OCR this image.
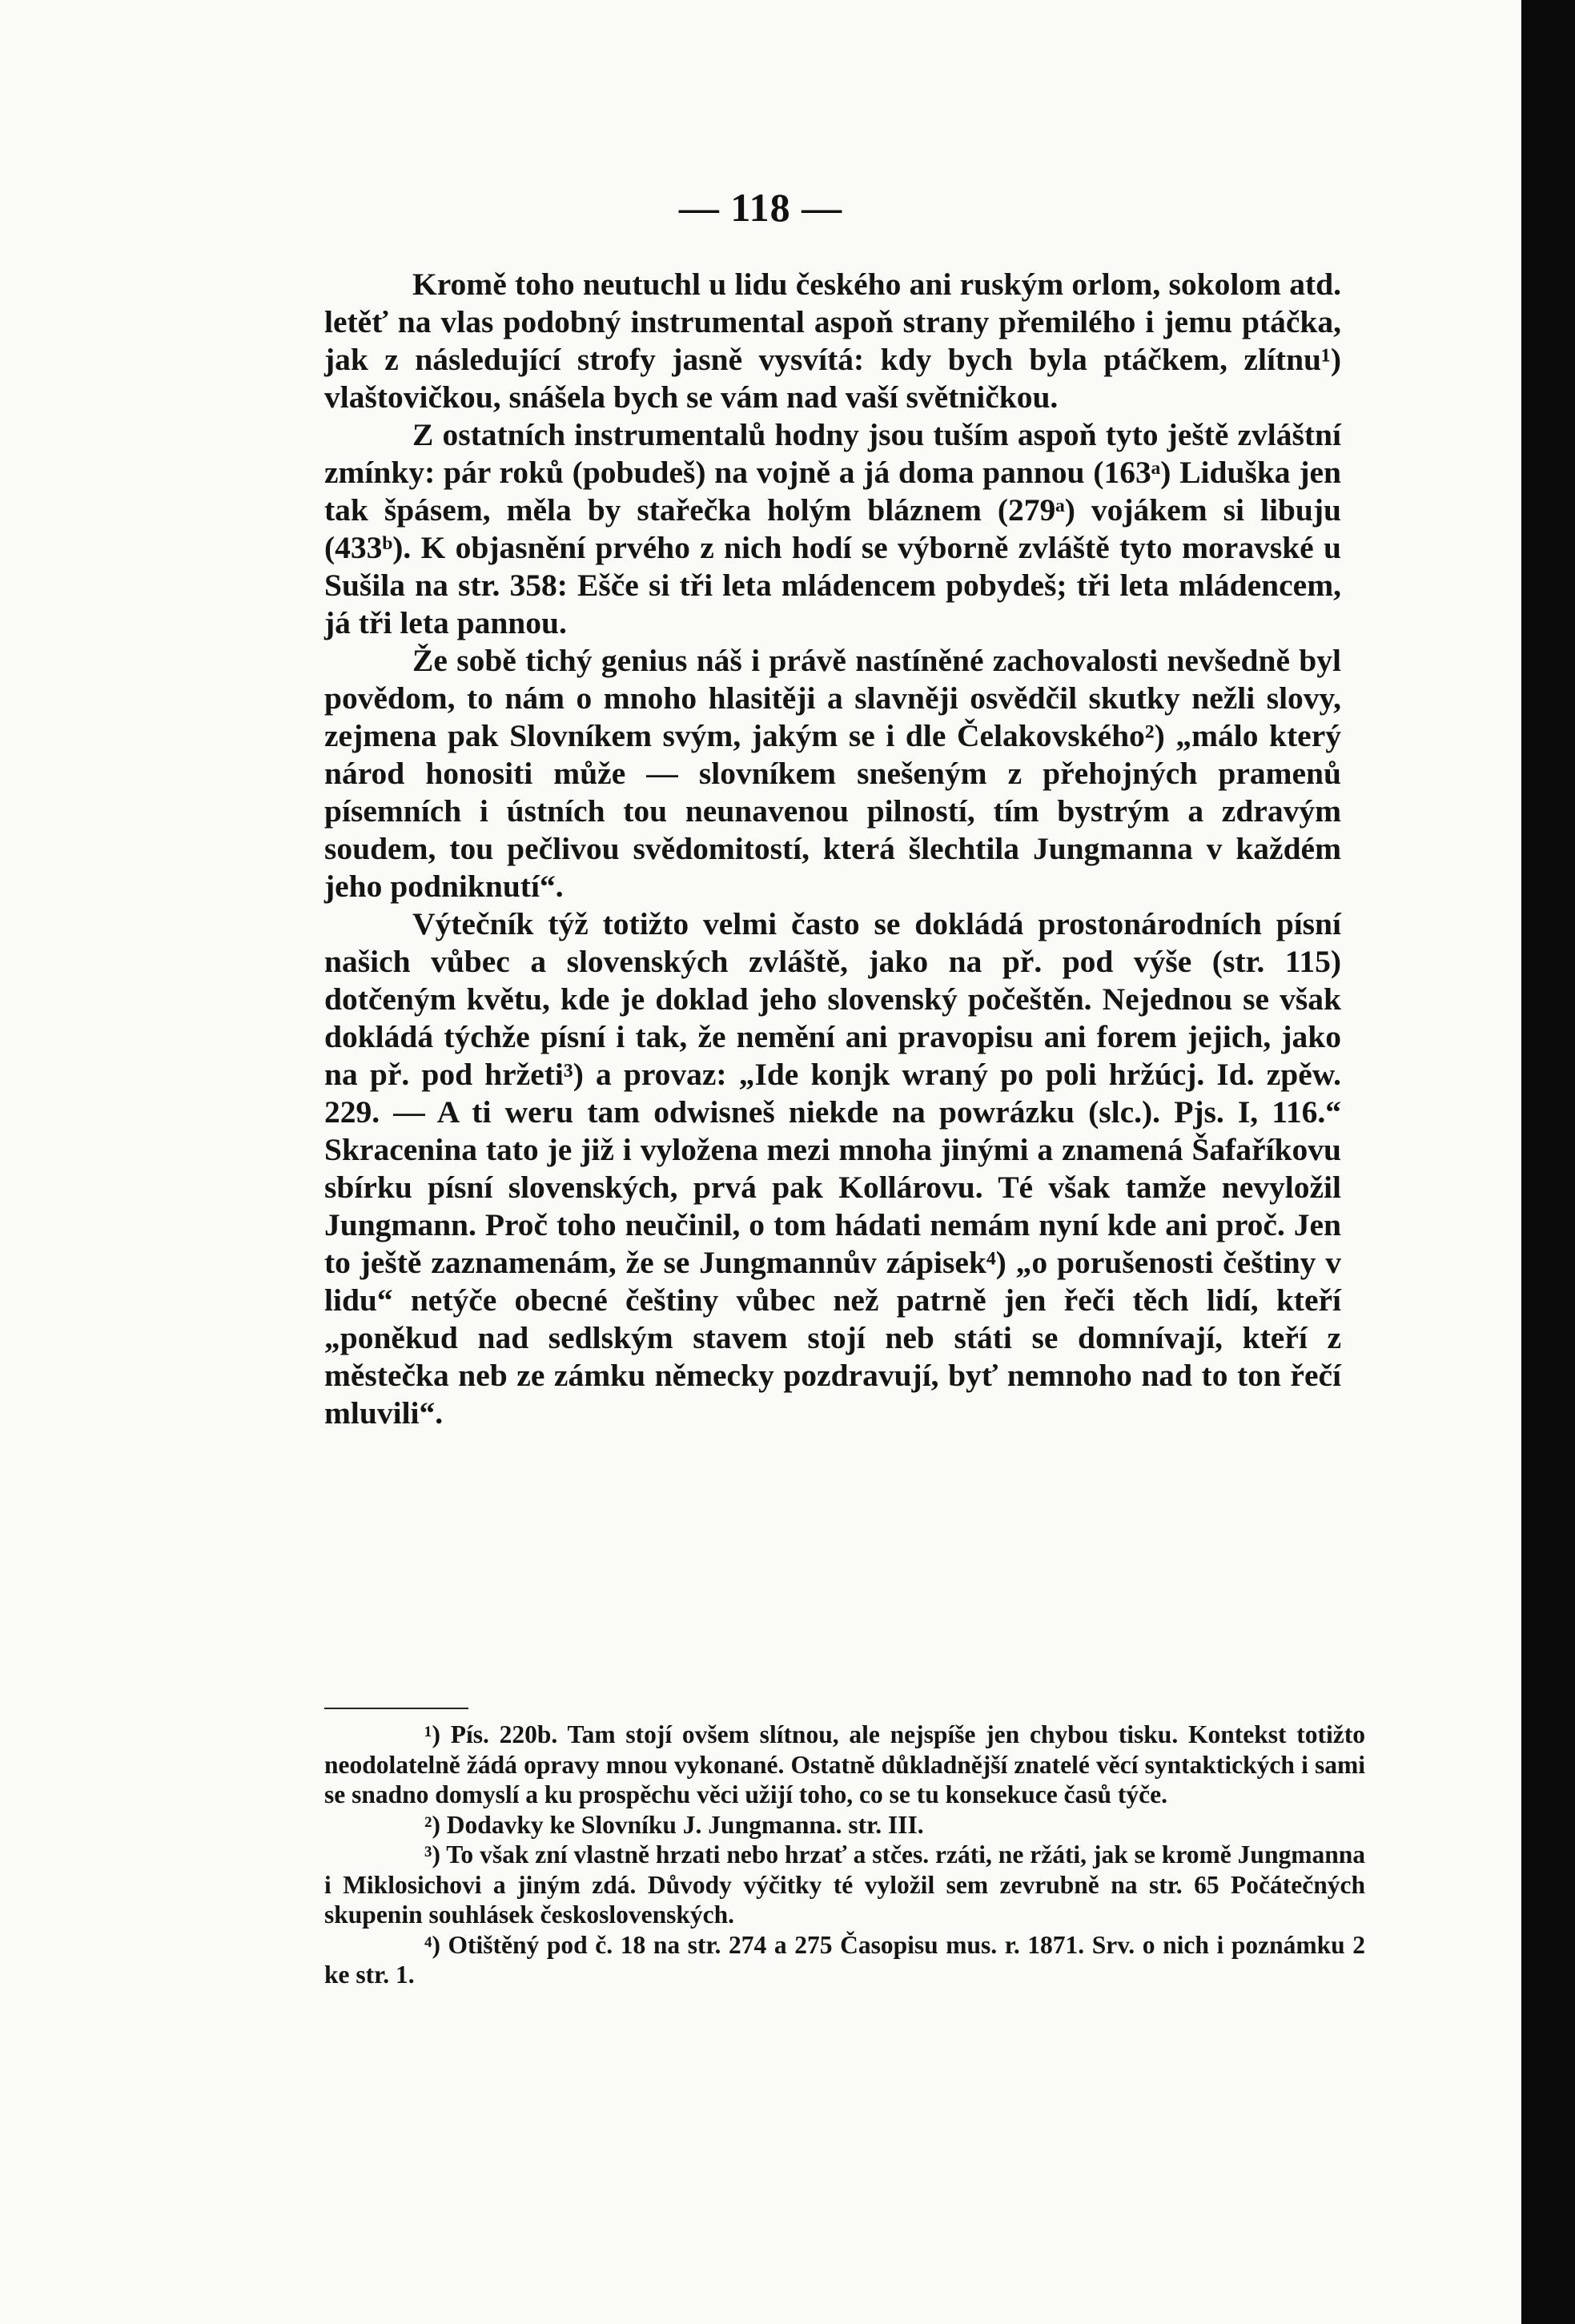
— 118 —

Kromě toho neutuchl u lidu českého ani ruským orlom, sokolom atd. letěť na vlas podobný instrumental aspoň strany přemilého i jemu ptáčka, jak z následující strofy jasně vysvítá: kdy bych byla ptáčkem, zlítnu¹) vlaštovičkou, snášela bych se vám nad vaší světničkou.

Z ostatních instrumentalů hodny jsou tuším aspoň tyto ještě zvláštní zmínky: pár roků (pobudeš) na vojně a já doma pannou (163ᵃ) Liduška jen tak špásem, měla by stařečka holým bláznem (279ᵃ) vojákem si libuju (433ᵇ). K objasnění prvého z nich hodí se výborně zvláště tyto moravské u Sušila na str. 358: Ešče si tři leta mládencem pobydeš; tři leta mládencem, já tři leta pannou.

Že sobě tichý genius náš i právě nastíněné zachovalosti nevšedně byl povědom, to nám o mnoho hlasitěji a slavněji osvědčil skutky nežli slovy, zejmena pak Slovníkem svým, jakým se i dle Čelakovského²) „málo který národ honositi může — slovníkem snešeným z přehojných pramenů písemních i ústních tou neunavenou pilností, tím bystrým a zdravým soudem, tou pečlivou svědomitostí, která šlechtila Jungmanna v každém jeho podniknutí“.

Výtečník týž totižto velmi často se dokládá prostonárodních písní našich vůbec a slovenských zvláště, jako na př. pod výše (str. 115) dotčeným květu, kde je doklad jeho slovenský počeštěn. Nejednou se však dokládá týchže písní i tak, že nemění ani pravopisu ani forem jejich, jako na př. pod hržeti³) a provaz: „Ide konjk wraný po poli hržúcj. Id. zpěw. 229. — A ti weru tam odwisneš niekde na powrázku (slc.). Pjs. I, 116.“ Skracenina tato je již i vyložena mezi mnoha jinými a znamená Šafaříkovu sbírku písní slovenských, prvá pak Kollárovu. Té však tamže nevyložil Jungmann. Proč toho neučinil, o tom hádati nemám nyní kde ani proč. Jen to ještě zaznamenám, že se Jungmannův zápisek⁴) „o porušenosti češtiny v lidu“ netýče obecné češtiny vůbec než patrně jen řeči těch lidí, kteří „poněkud nad sedlským stavem stojí neb státi se domnívají, kteří z městečka neb ze zámku německy pozdravují, byť nemnoho nad to ton řečí mluvili“.

¹) Pís. 220b. Tam stojí ovšem slítnou, ale nejspíše jen chybou tisku. Kontekst totižto neodolatelně žádá opravy mnou vykonané. Ostatně důkladnější znatelé věcí syntaktických i sami se snadno domyslí a ku prospěchu věci užijí toho, co se tu konsekuce časů týče.

²) Dodavky ke Slovníku J. Jungmanna. str. III.

³) To však zní vlastně hrzati nebo hrzať a stčes. rzáti, ne ržáti, jak se kromě Jungmanna i Miklosichovi a jiným zdá. Důvody výčitky té vyložil sem zevrubně na str. 65 Počátečných skupenin souhlásek československých.

⁴) Otištěný pod č. 18 na str. 274 a 275 Časopisu mus. r. 1871. Srv. o nich i poznámku 2 ke str. 1.
